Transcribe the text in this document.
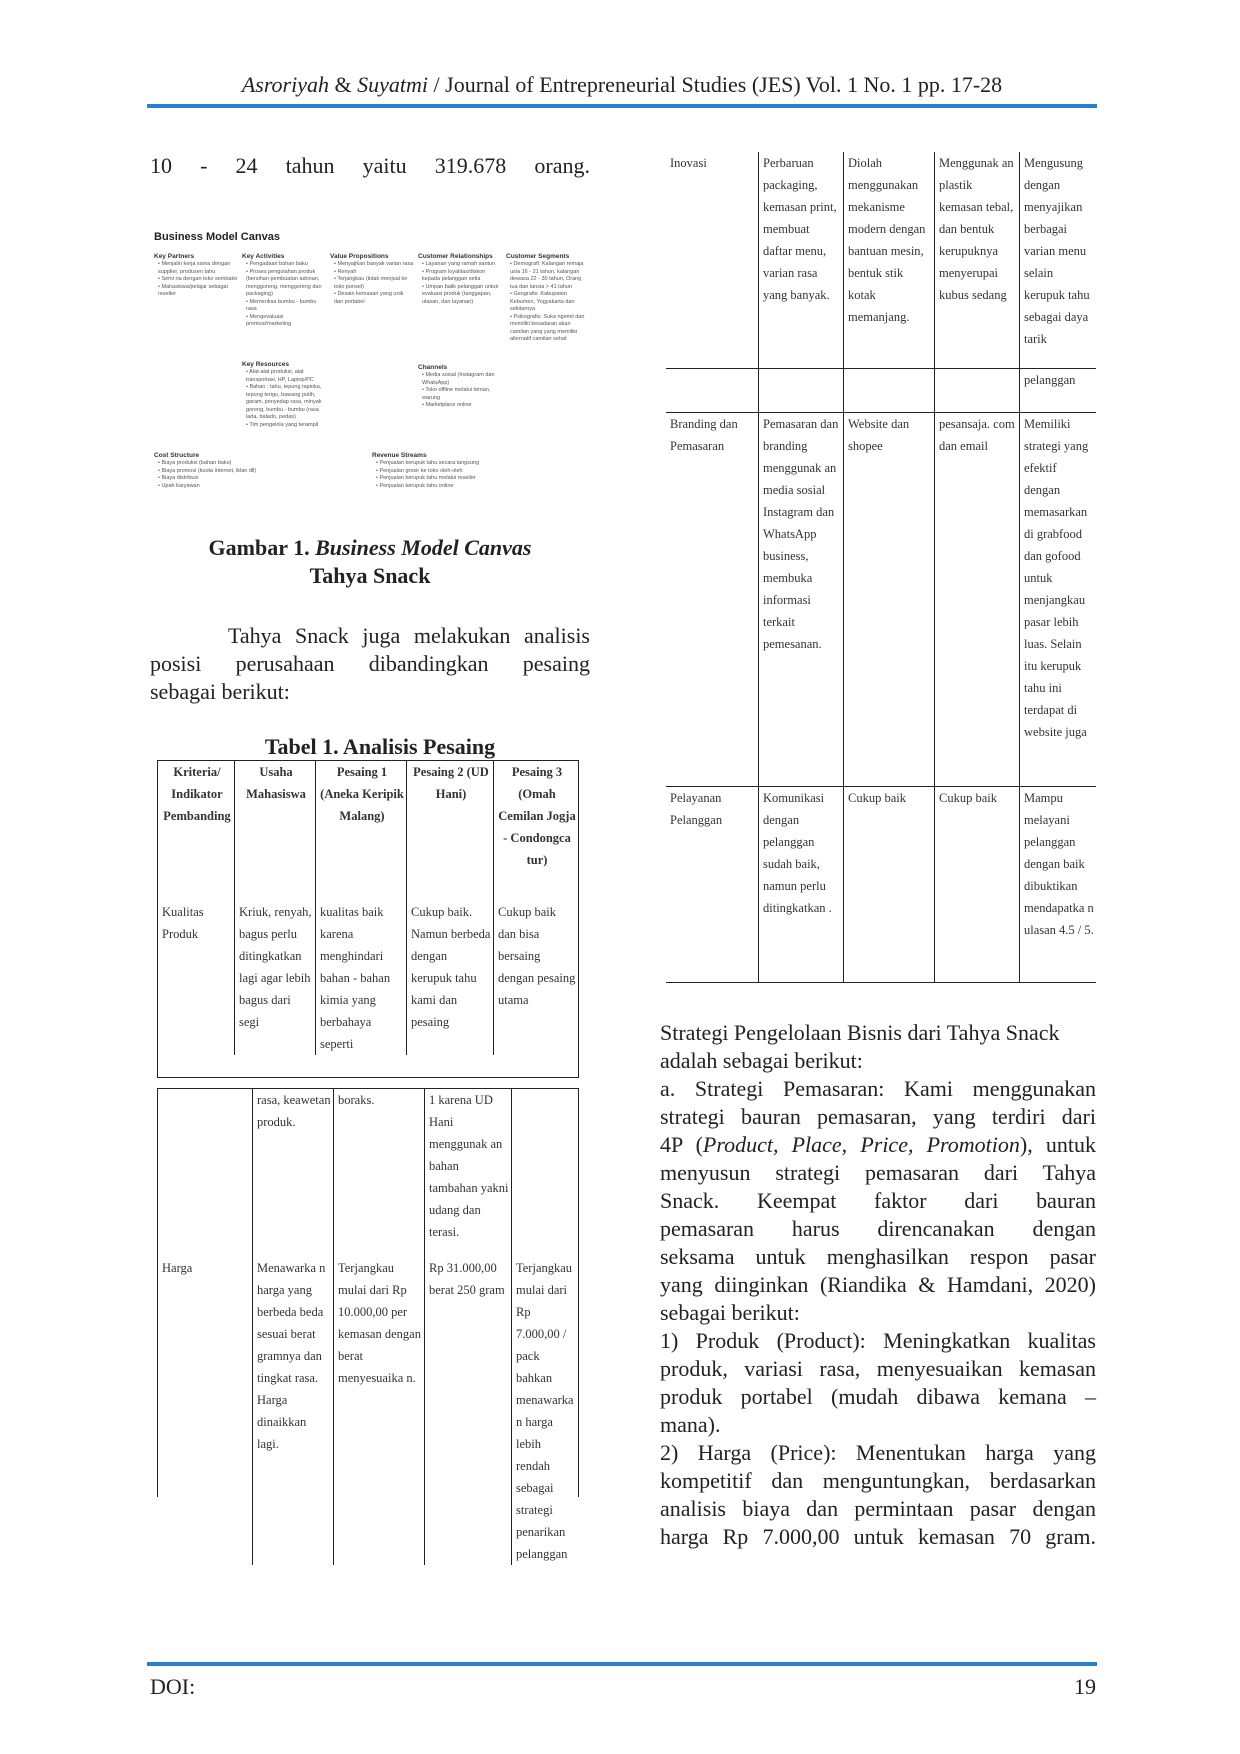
Asroriyah & Suyatmi / Journal of Entrepreneurial Studies (JES) Vol. 1 No. 1 pp. 17-28
10 - 24 tahun yaitu 319.678 orang.
Business Model Canvas
Key Partners
• Menjalin kerja sama dengan supplier, produsen tahu
• Semi ria dengan toko sembako
• Mahasiswa/pelajar sebagai reseller
Key Activities
• Pengadaan bahan baku
• Proses pengolahan produk (bersihan pembuatan adonan, menggoreng, menggoreng dan packaging)
• Memeriksa bumbu - bumbu rasa
• Mengevaluasi promosi/marketing
Key Resources
• Alat-alat produksi, alat transportasi, HP, Laptop/PC
• Bahan : tahu, tepung tapioka, tepung terigu, bawang putih, garam, penyedap rasa, minyak goreng, bumbu - bumbu (rasa lada, balado, pedas)
• Tim pengelola yang terampil
Value Propositions
• Menyajikan banyak varian rasa
• Renyah
• Terjangkau (tidak menjual ke toko ponsel)
• Desain kemasan yang unik dan portabel
Customer Relationships
• Layanan yang ramah santun
• Program loyalitas/diskon kepada pelanggan setia
• Umpan balik pelanggan untuk evaluasi produk (tanggapan, ulasan, dan layanan)
Channels
• Media sosial (Instagram dan WhatsApp)
• Toko offline melalui teman, warung
• Marketplace online
Customer Segments
• Demografi: Kalangan remaja usia 16 - 21 tahun, kalangan dewasa 22 - 30 tahun, Orang tua dan lansia > 41 tahun
• Geografis: Kabupaten Kebumen, Yogyakarta dan sekitarnya
• Psikografis: Suka ngemil dan memiliki kesadaran akan camilan yang yang memiliki alternatif camilan sehat
Cost Structure
• Biaya produksi (bahan baku)
• Biaya promosi (kuota internet, iklan dll)
• Biaya distribusi
• Upah karyawan
Revenue Streams
• Penjualan kerupuk tahu secara langsung
• Penjualan grosir ke toko oleh-oleh
• Penjualan kerupuk tahu melalui reseller
• Penjualan kerupuk tahu online
Gambar 1. Business Model Canvas
Tahya Snack
Tahya Snack juga melakukan analisis
posisi perusahaan dibandingkan pesaing
sebagai berikut:
Tabel 1. Analisis Pesaing
Kriteria/ Indikator Pembanding	Usaha Mahasiswa	Pesaing 1 (Aneka Keripik Malang)	Pesaing 2 (UD Hani)	Pesaing 3 (Omah Cemilan Jogja - Condongca tur)
Kualitas Produk	Kriuk, renyah, bagus perlu ditingkatkan lagi agar lebih bagus dari segi	kualitas baik karena menghindari bahan - bahan kimia yang berbahaya seperti	Cukup baik. Namun berbeda dengan kerupuk tahu kami dan pesaing	Cukup baik dan bisa bersaing dengan pesaing utama
	rasa, keawetan produk.	boraks.	1 karena UD Hani menggunak an bahan tambahan yakni udang dan terasi.	
Harga	Menawarka n harga yang berbeda beda sesuai berat gramnya dan tingkat rasa. Harga dinaikkan lagi.	Terjangkau mulai dari Rp 10.000,00 per kemasan dengan berat menyesuaika n.	Rp 31.000,00 berat 250 gram	Terjangkau mulai dari Rp 7.000,00 / pack bahkan menawarka n harga lebih rendah sebagai strategi penarikan pelanggan
Inovasi	Perbaruan packaging, kemasan print, membuat daftar menu, varian rasa yang banyak.	Diolah menggunakan mekanisme modern dengan bantuan mesin, bentuk stik kotak memanjang.	Menggunak an plastik kemasan tebal, dan bentuk kerupuknya menyerupai kubus sedang	Mengusung dengan menyajikan berbagai varian menu selain kerupuk tahu sebagai daya tarik
				pelanggan
Branding dan Pemasaran	Pemasaran dan branding menggunak an media sosial Instagram dan WhatsApp business, membuka informasi terkait pemesanan.	Website dan shopee	pesansaja. com dan email	Memiliki strategi yang efektif dengan memasarkan di grabfood dan gofood untuk menjangkau pasar lebih luas. Selain itu kerupuk tahu ini terdapat di website juga
Pelayanan Pelanggan	Komunikasi dengan pelanggan sudah baik, namun perlu ditingkatkan .	Cukup baik	Cukup baik	Mampu melayani pelanggan dengan baik dibuktikan mendapatka n ulasan 4.5 / 5.
Strategi Pengelolaan Bisnis dari Tahya Snack
adalah sebagai berikut:
a. Strategi Pemasaran: Kami menggunakan
strategi bauran pemasaran, yang terdiri dari
4P (Product, Place, Price, Promotion), untuk
menyusun strategi pemasaran dari Tahya
Snack. Keempat faktor dari bauran
pemasaran harus direncanakan dengan
seksama untuk menghasilkan respon pasar
yang diinginkan (Riandika & Hamdani, 2020)
sebagai berikut:
1) Produk (Product): Meningkatkan kualitas
produk, variasi rasa, menyesuaikan kemasan
produk portabel (mudah dibawa kemana –
mana).
2) Harga (Price): Menentukan harga yang
kompetitif dan menguntungkan, berdasarkan
analisis biaya dan permintaan pasar dengan
harga Rp 7.000,00 untuk kemasan 70 gram.
DOI:	19
